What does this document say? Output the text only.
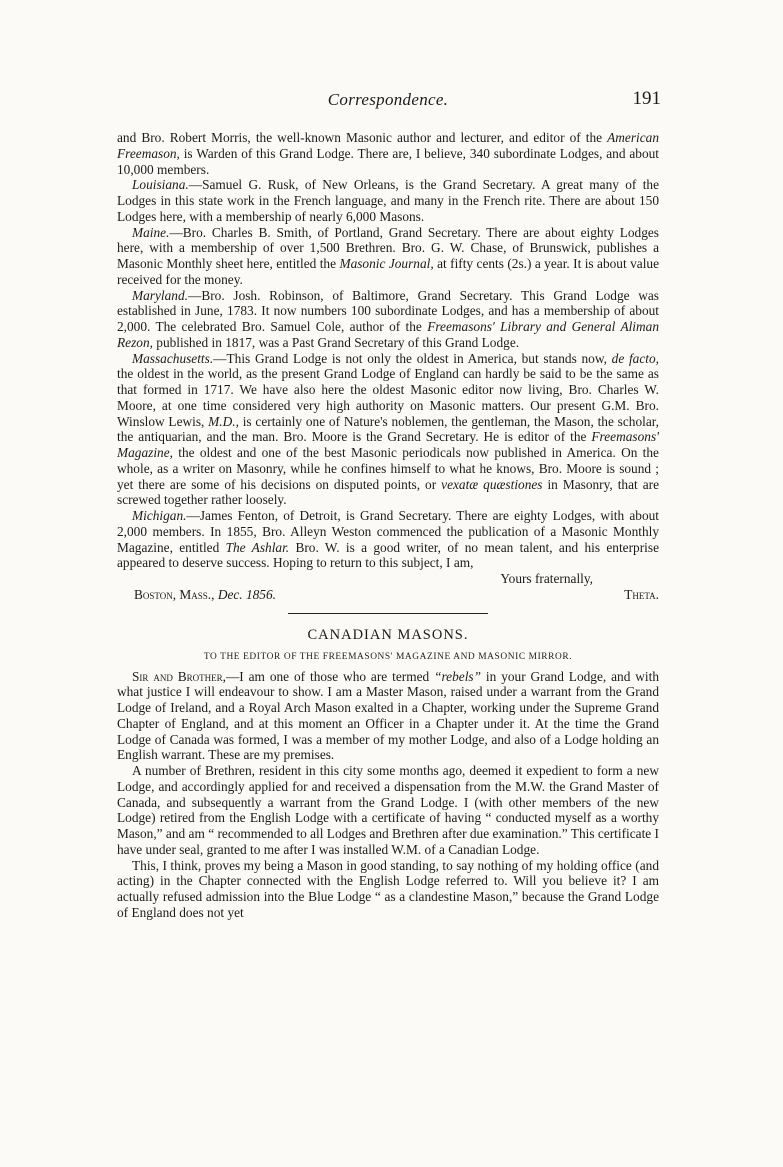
Correspondence.	191

and Bro. Robert Morris, the well-known Masonic author and lecturer, and editor of the American Freemason, is Warden of this Grand Lodge. There are, I believe, 340 subordinate Lodges, and about 10,000 members.

Louisiana.—Samuel G. Rusk, of New Orleans, is the Grand Secretary. A great many of the Lodges in this state work in the French language, and many in the French rite. There are about 150 Lodges here, with a membership of nearly 6,000 Masons.

Maine.—Bro. Charles B. Smith, of Portland, Grand Secretary. There are about eighty Lodges here, with a membership of over 1,500 Brethren. Bro. G. W. Chase, of Brunswick, publishes a Masonic Monthly sheet here, entitled the Masonic Journal, at fifty cents (2s.) a year. It is about value received for the money.

Maryland.—Bro. Josh. Robinson, of Baltimore, Grand Secretary. This Grand Lodge was established in June, 1783. It now numbers 100 subordinate Lodges, and has a membership of about 2,000. The celebrated Bro. Samuel Cole, author of the Freemasons' Library and General Aliman Rezon, published in 1817, was a Past Grand Secretary of this Grand Lodge.

Massachusetts.—This Grand Lodge is not only the oldest in America, but stands now, de facto, the oldest in the world, as the present Grand Lodge of England can hardly be said to be the same as that formed in 1717. We have also here the oldest Masonic editor now living, Bro. Charles W. Moore, at one time considered very high authority on Masonic matters. Our present G.M. Bro. Winslow Lewis, M.D., is certainly one of Nature's noblemen, the gentleman, the Mason, the scholar, the antiquarian, and the man. Bro. Moore is the Grand Secretary. He is editor of the Freemasons' Magazine, the oldest and one of the best Masonic periodicals now published in America. On the whole, as a writer on Masonry, while he confines himself to what he knows, Bro. Moore is sound ; yet there are some of his decisions on disputed points, or vexatæ quæstiones in Masonry, that are screwed together rather loosely.

Michigan.—James Fenton, of Detroit, is Grand Secretary. There are eighty Lodges, with about 2,000 members. In 1855, Bro. Alleyn Weston commenced the publication of a Masonic Monthly Magazine, entitled The Ashlar. Bro. W. is a good writer, of no mean talent, and his enterprise appeared to deserve success. Hoping to return to this subject, I am,

Yours fraternally,
Boston, Mass., Dec. 1856.	Theta.
CANADIAN MASONS.
TO THE EDITOR OF THE FREEMASONS' MAGAZINE AND MASONIC MIRROR.

Sir and Brother,—I am one of those who are termed “rebels” in your Grand Lodge, and with what justice I will endeavour to show. I am a Master Mason, raised under a warrant from the Grand Lodge of Ireland, and a Royal Arch Mason exalted in a Chapter, working under the Supreme Grand Chapter of England, and at this moment an Officer in a Chapter under it. At the time the Grand Lodge of Canada was formed, I was a member of my mother Lodge, and also of a Lodge holding an English warrant. These are my premises.

A number of Brethren, resident in this city some months ago, deemed it expedient to form a new Lodge, and accordingly applied for and received a dispensation from the M.W. the Grand Master of Canada, and subsequently a warrant from the Grand Lodge. I (with other members of the new Lodge) retired from the English Lodge with a certificate of having “ conducted myself as a worthy Mason,” and am “ recommended to all Lodges and Brethren after due examination.” This certificate I have under seal, granted to me after I was installed W.M. of a Canadian Lodge.

This, I think, proves my being a Mason in good standing, to say nothing of my holding office (and acting) in the Chapter connected with the English Lodge referred to. Will you believe it? I am actually refused admission into the Blue Lodge “ as a clandestine Mason,” because the Grand Lodge of England does not yet
